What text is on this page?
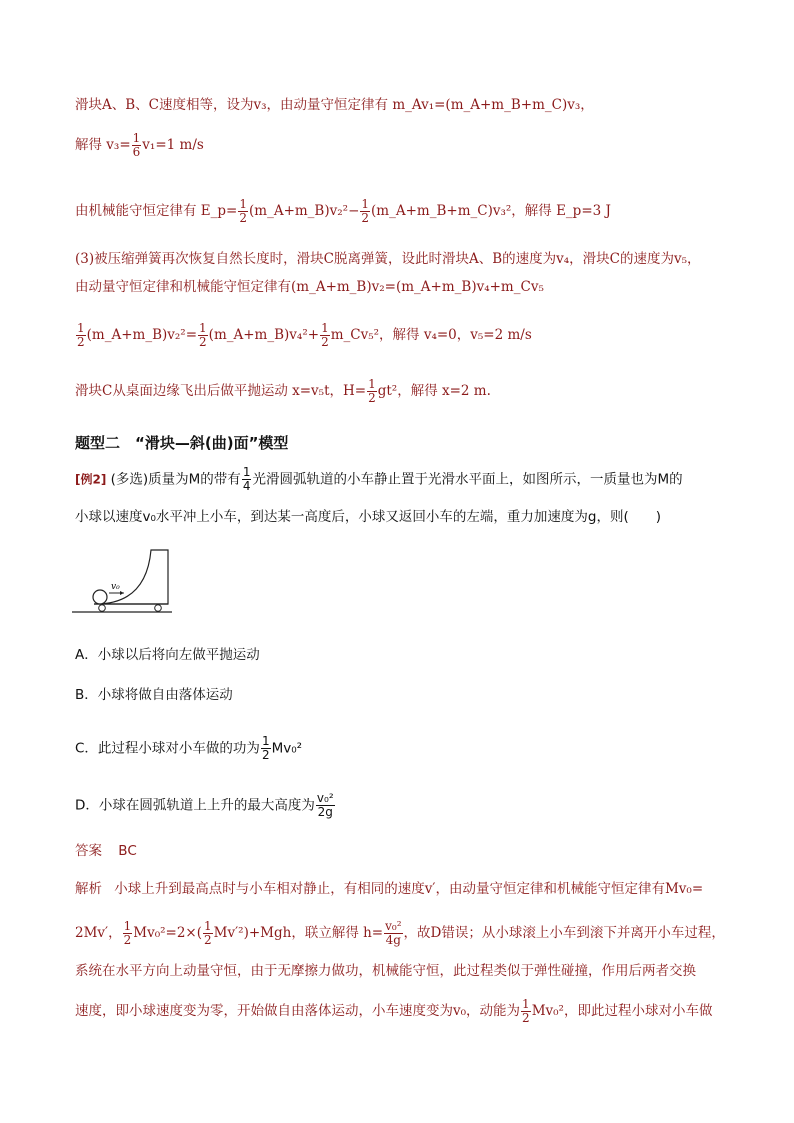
滑块A、B、C速度相等，设为v₃，由动量守恒定律有 m_Av₁=(m_A+m_B+m_C)v₃，
解得 $v_3= \frac{1}{6} v_1=1$ m/s
由机械能守恒定律有 E_p= $\frac{1}{2}$ (m_A+m_B)v₂²− $\frac{1}{2}$ (m_A+m_B+m_C)v₃²，解得 E_p=3 J
(3)被压缩弹簧再次恢复自然长度时，滑块C脱离弹簧，设此时滑块A、B的速度为v₄，滑块C的速度为v₅，
由动量守恒定律和机械能守恒定律有(m_A+m_B)v₂=(m_A+m_B)v₄+m_Cv₅
$\frac{1}{2}$ (m_A+m_B)v₂²= $\frac{1}{2}$ (m_A+m_B)v₄²+ $\frac{1}{2}$ m_Cv₅²，解得 v₄=0，v₅=2 m/s
滑块C从桌面边缘飞出后做平抛运动 x=v₅t，$H= \frac{1}{2} gt^2$，解得 x=2 m.
题型二　“滑块—斜(曲)面”模型
[例2] (多选)质量为M的带有 $\frac{1}{4}$ 光滑圆弧轨道的小车静止置于光滑水平面上，如图所示，一质量也为M的
小球以速度v₀水平冲上小车，到达某一高度后，小球又返回小车的左端，重力加速度为g，则(　　)
v₀
A．小球以后将向左做平抛运动
B．小球将做自由落体运动
C．此过程小球对小车做的功为 $\frac{1}{2} Mv_0^2$
D．小球在圆弧轨道上上升的最大高度为 $\frac{\text{v₀²}}{2g}$
答案 BC
解析 小球上升到最高点时与小车相对静止，有相同的速度v′，由动量守恒定律和机械能守恒定律有Mv₀=
2Mv′， $\frac{1}{2} Mv_0^2=2\times( \frac{1}{2} Mv'^2)+Mgh$，联立解得 $h= \frac{\text{v₀²}}{4g}$ ，故D错误；从小球滚上小车到滚下并离开小车过程，
系统在水平方向上动量守恒，由于无摩擦力做功，机械能守恒，此过程类似于弹性碰撞，作用后两者交换
速度，即小球速度变为零，开始做自由落体运动，小车速度变为v₀，动能为 $\frac{1}{2} Mv_0^2$，即此过程小球对小车做
